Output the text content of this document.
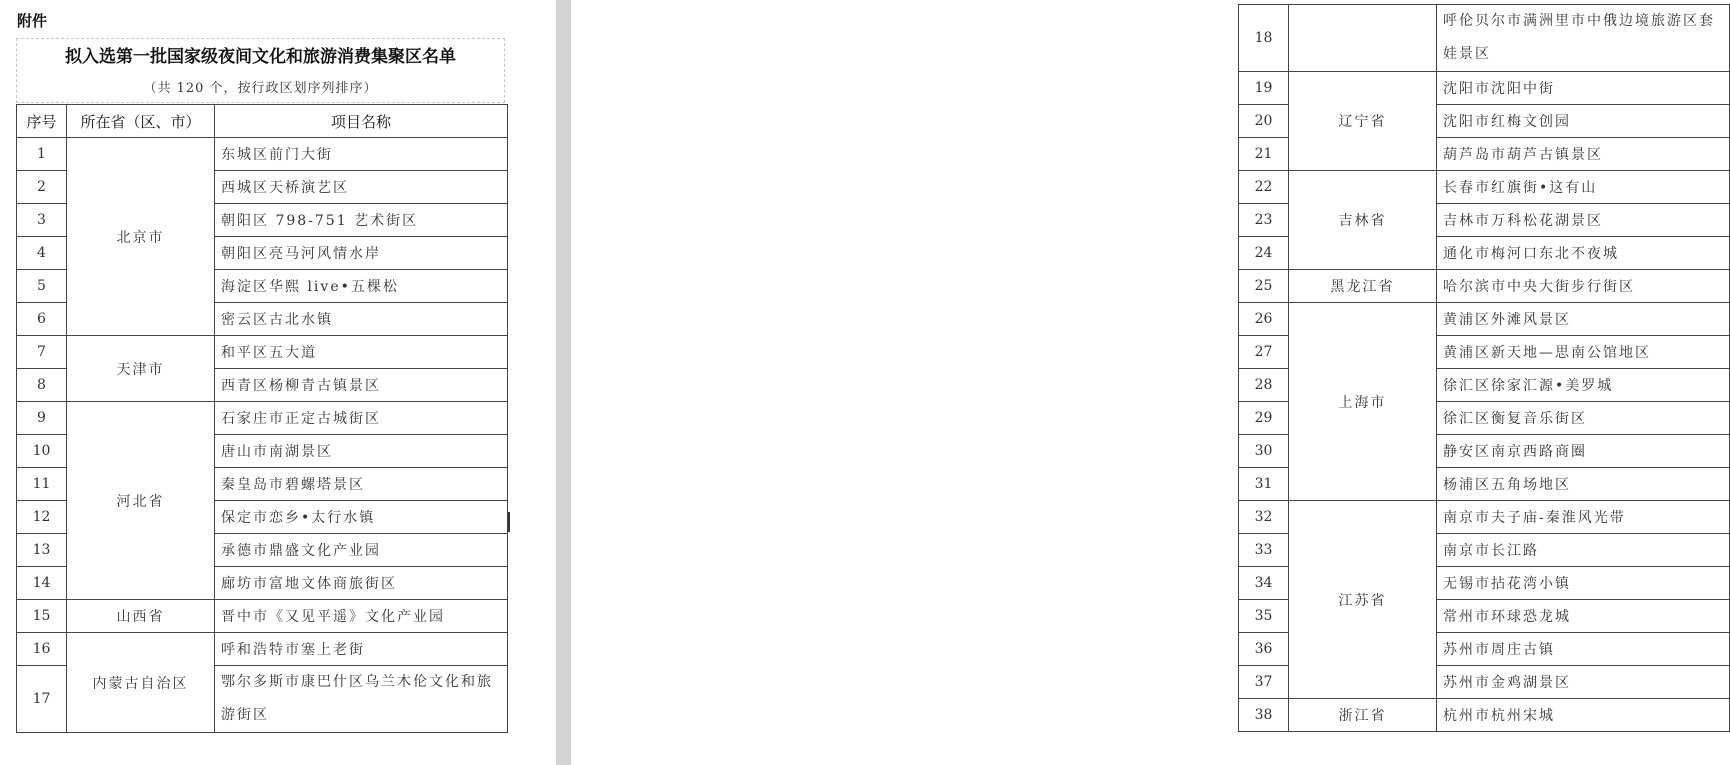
附件
拟入选第一批国家级夜间文化和旅游消费集聚区名单
（共 120 个，按行政区划序列排序）
序号	所在省（区、市）	项目名称
1	北京市	东城区前门大街
2		西城区天桥演艺区
3		朝阳区 798-751 艺术街区
4		朝阳区亮马河风情水岸
5		海淀区华熙 live•五棵松
6		密云区古北水镇
7	天津市	和平区五大道
8		西青区杨柳青古镇景区
9	河北省	石家庄市正定古城街区
10		唐山市南湖景区
11		秦皇岛市碧螺塔景区
12		保定市恋乡•太行水镇
13		承德市鼎盛文化产业园
14		廊坊市富地文体商旅街区
15	山西省	晋中市《又见平遥》文化产业园
16	内蒙古自治区	呼和浩特市塞上老街
17		鄂尔多斯市康巴什区乌兰木伦文化和旅游街区
18		呼伦贝尔市满洲里市中俄边境旅游区套娃景区
19	辽宁省	沈阳市沈阳中街
20		沈阳市红梅文创园
21		葫芦岛市葫芦古镇景区
22	吉林省	长春市红旗街•这有山
23		吉林市万科松花湖景区
24		通化市梅河口东北不夜城
25	黑龙江省	哈尔滨市中央大街步行街区
26	上海市	黄浦区外滩风景区
27		黄浦区新天地—思南公馆地区
28		徐汇区徐家汇源•美罗城
29		徐汇区衡复音乐街区
30		静安区南京西路商圈
31		杨浦区五角场地区
32	江苏省	南京市夫子庙-秦淮风光带
33		南京市长江路
34		无锡市拈花湾小镇
35		常州市环球恐龙城
36		苏州市周庄古镇
37		苏州市金鸡湖景区
38	浙江省	杭州市杭州宋城
